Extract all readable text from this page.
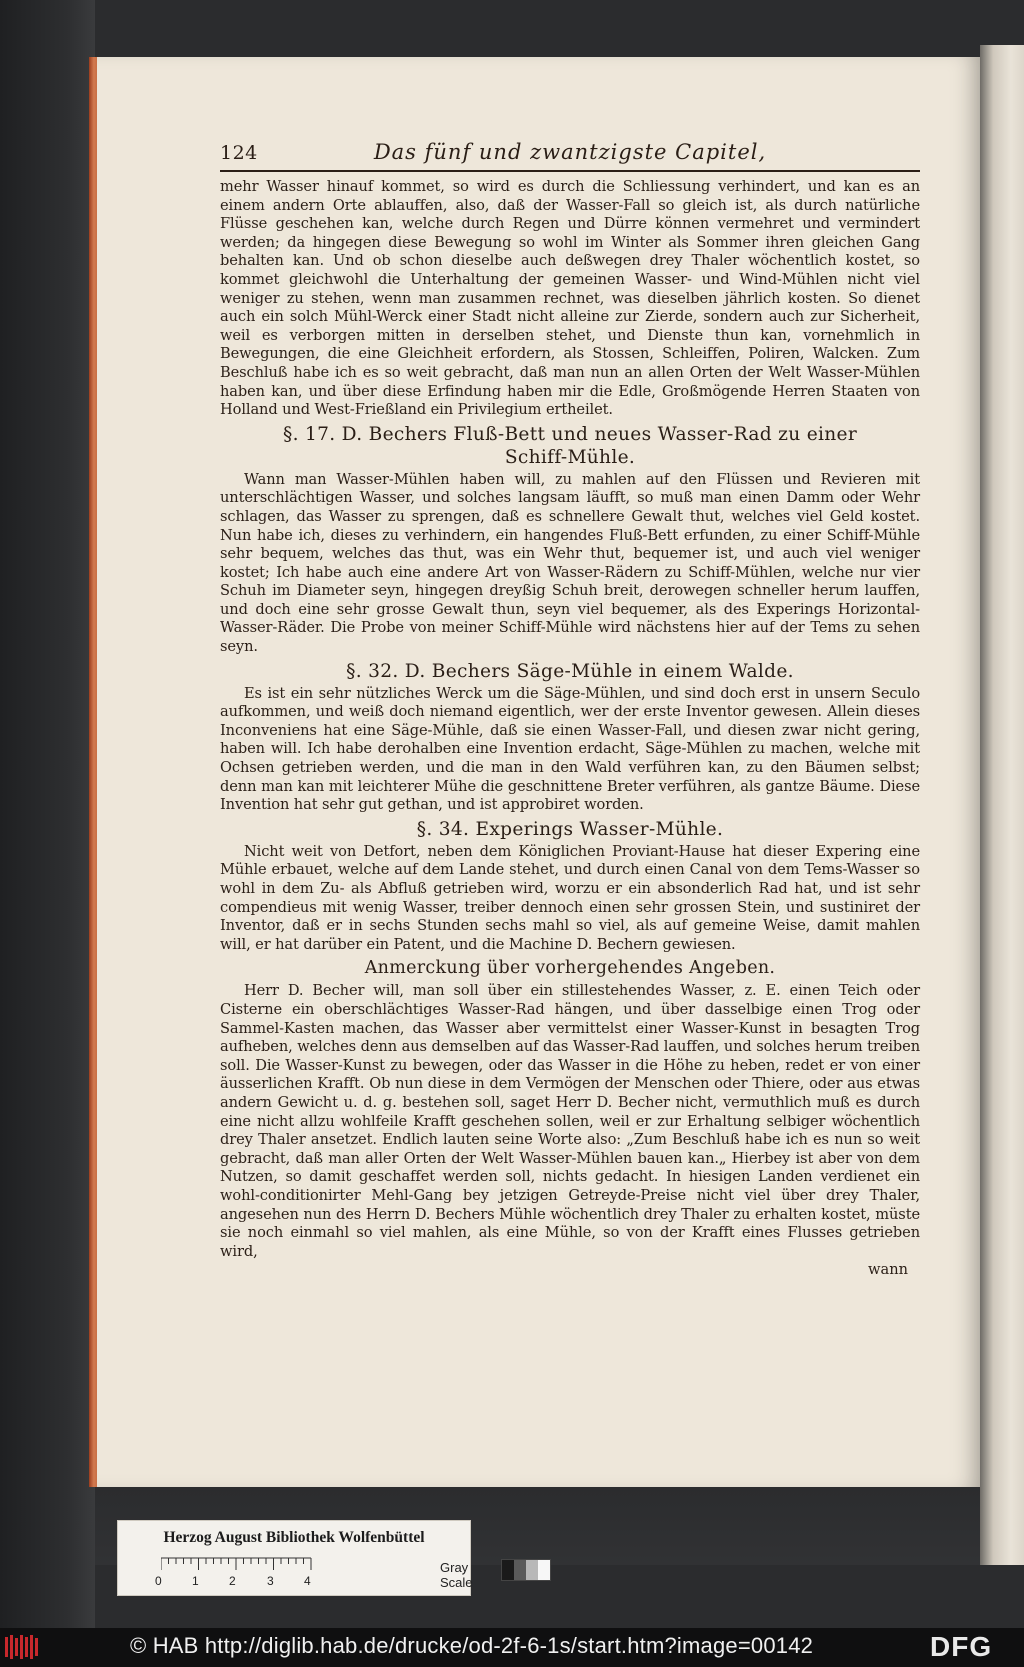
124	Das fünf und zwantzigste Capitel,

mehr Wasser hinauf kommet, so wird es durch die Schliessung verhindert, und kan es an einem andern Orte ablauffen, also, daß der Wasser-Fall so gleich ist, als durch natürliche Flüsse geschehen kan, welche durch Regen und Dürre können vermehret und vermindert werden; da hingegen diese Bewegung so wohl im Winter als Sommer ihren gleichen Gang behalten kan. Und ob schon dieselbe auch deßwegen drey Thaler wöchentlich kostet, so kommet gleichwohl die Unterhaltung der gemeinen Wasser- und Wind-Mühlen nicht viel weniger zu stehen, wenn man zusammen rechnet, was dieselben jährlich kosten. So dienet auch ein solch Mühl-Werck einer Stadt nicht alleine zur Zierde, sondern auch zur Sicherheit, weil es verborgen mitten in derselben stehet, und Dienste thun kan, vornehmlich in Bewegungen, die eine Gleichheit erfordern, als Stossen, Schleiffen, Poliren, Walcken. Zum Beschluß habe ich es so weit gebracht, daß man nun an allen Orten der Welt Wasser-Mühlen haben kan, und über diese Erfindung haben mir die Edle, Großmögende Herren Staaten von Holland und West-Frießland ein Privilegium ertheilet.

§. 17. D. Bechers Fluß-Bett und neues Wasser-Rad zu einer
Schiff-Mühle.

Wann man Wasser-Mühlen haben will, zu mahlen auf den Flüssen und Revieren mit unterschlächtigen Wasser, und solches langsam läufft, so muß man einen Damm oder Wehr schlagen, das Wasser zu sprengen, daß es schnellere Gewalt thut, welches viel Geld kostet. Nun habe ich, dieses zu verhindern, ein hangendes Fluß-Bett erfunden, zu einer Schiff-Mühle sehr bequem, welches das thut, was ein Wehr thut, bequemer ist, und auch viel weniger kostet; Ich habe auch eine andere Art von Wasser-Rädern zu Schiff-Mühlen, welche nur vier Schuh im Diameter seyn, hingegen dreyßig Schuh breit, derowegen schneller herum lauffen, und doch eine sehr grosse Gewalt thun, seyn viel bequemer, als des Experings Horizontal-Wasser-Räder. Die Probe von meiner Schiff-Mühle wird nächstens hier auf der Tems zu sehen seyn.

§. 32. D. Bechers Säge-Mühle in einem Walde.

Es ist ein sehr nützliches Werck um die Säge-Mühlen, und sind doch erst in unsern Seculo aufkommen, und weiß doch niemand eigentlich, wer der erste Inventor gewesen. Allein dieses Inconveniens hat eine Säge-Mühle, daß sie einen Wasser-Fall, und diesen zwar nicht gering, haben will. Ich habe derohalben eine Invention erdacht, Säge-Mühlen zu machen, welche mit Ochsen getrieben werden, und die man in den Wald verführen kan, zu den Bäumen selbst; denn man kan mit leichterer Mühe die geschnittene Breter verführen, als gantze Bäume. Diese Invention hat sehr gut gethan, und ist approbiret worden.

§. 34. Experings Wasser-Mühle.

Nicht weit von Detfort, neben dem Königlichen Proviant-Hause hat dieser Expering eine Mühle erbauet, welche auf dem Lande stehet, und durch einen Canal von dem Tems-Wasser so wohl in dem Zu- als Abfluß getrieben wird, worzu er ein absonderlich Rad hat, und ist sehr compendieus mit wenig Wasser, treiber dennoch einen sehr grossen Stein, und sustiniret der Inventor, daß er in sechs Stunden sechs mahl so viel, als auf gemeine Weise, damit mahlen will, er hat darüber ein Patent, und die Machine D. Bechern gewiesen.

Anmerckung über vorhergehendes Angeben.

Herr D. Becher will, man soll über ein stillestehendes Wasser, z. E. einen Teich oder Cisterne ein oberschlächtiges Wasser-Rad hängen, und über dasselbige einen Trog oder Sammel-Kasten machen, das Wasser aber vermittelst einer Wasser-Kunst in besagten Trog aufheben, welches denn aus demselben auf das Wasser-Rad lauffen, und solches herum treiben soll. Die Wasser-Kunst zu bewegen, oder das Wasser in die Höhe zu heben, redet er von einer äusserlichen Krafft. Ob nun diese in dem Vermögen der Menschen oder Thiere, oder aus etwas andern Gewicht u. d. g. bestehen soll, saget Herr D. Becher nicht, vermuthlich muß es durch eine nicht allzu wohlfeile Krafft geschehen sollen, weil er zur Erhaltung selbiger wöchentlich drey Thaler ansetzet. Endlich lauten seine Worte also: „Zum Beschluß habe ich es nun so weit gebracht, daß man aller Orten der Welt Wasser-Mühlen bauen kan.„ Hierbey ist aber von dem Nutzen, so damit geschaffet werden soll, nichts gedacht. In hiesigen Landen verdienet ein wohl-conditionirter Mehl-Gang bey jetzigen Getreyde-Preise nicht viel über drey Thaler, angesehen nun des Herrn D. Bechers Mühle wöchentlich drey Thaler zu erhalten kostet, müste sie noch einmahl so viel mahlen, als eine Mühle, so von der Krafft eines Flusses getrieben wird,

wann
Herzog August Bibliothek Wolfenbüttel
0	1	2	3	4
Gray Scale
© HAB http://diglib.hab.de/drucke/od-2f-6-1s/start.htm?image=00142	DFG
